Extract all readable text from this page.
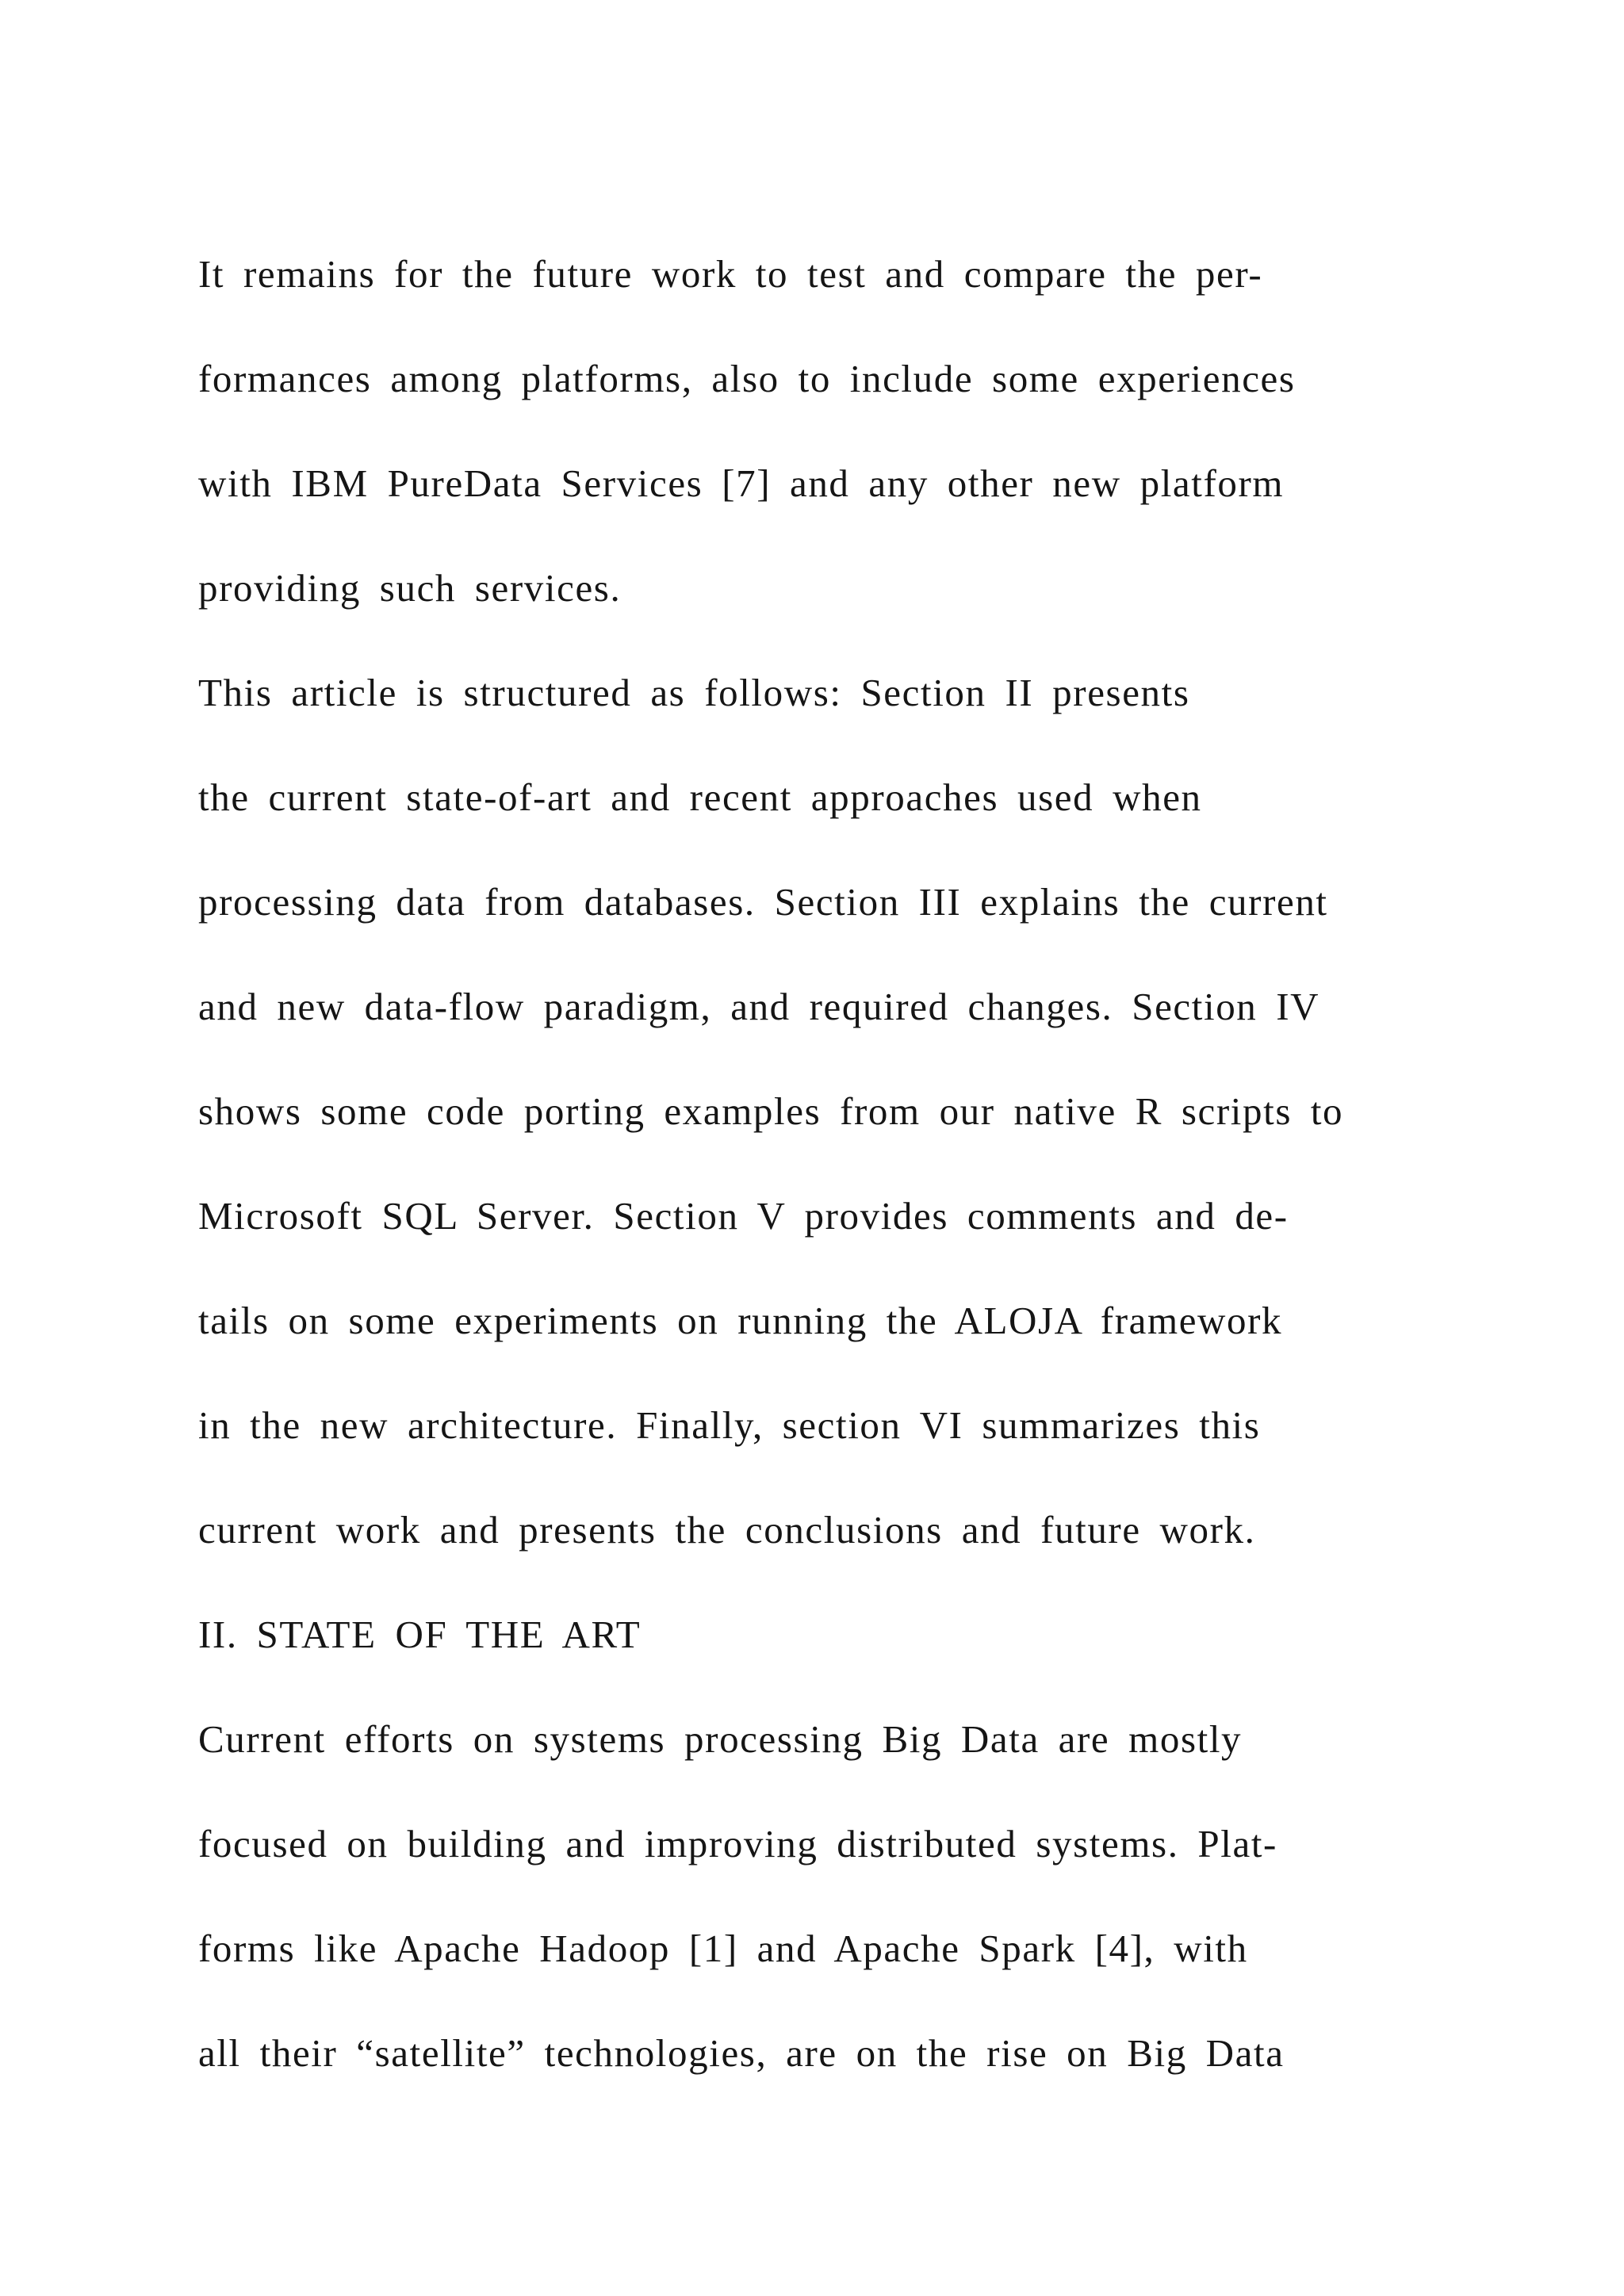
It remains for the future work to test and compare the per-

formances among platforms, also to include some experiences

with IBM PureData Services [7] and any other new platform

providing such services.

This article is structured as follows: Section II presents

the current state-of-art and recent approaches used when

processing data from databases. Section III explains the current

and new data-flow paradigm, and required changes. Section IV

shows some code porting examples from our native R scripts to

Microsoft SQL Server. Section V provides comments and de-

tails on some experiments on running the ALOJA framework

in the new architecture. Finally, section VI summarizes this

current work and presents the conclusions and future work.

II. STATE OF THE ART

Current efforts on systems processing Big Data are mostly

focused on building and improving distributed systems. Plat-

forms like Apache Hadoop [1] and Apache Spark [4], with

all their “satellite” technologies, are on the rise on Big Data
